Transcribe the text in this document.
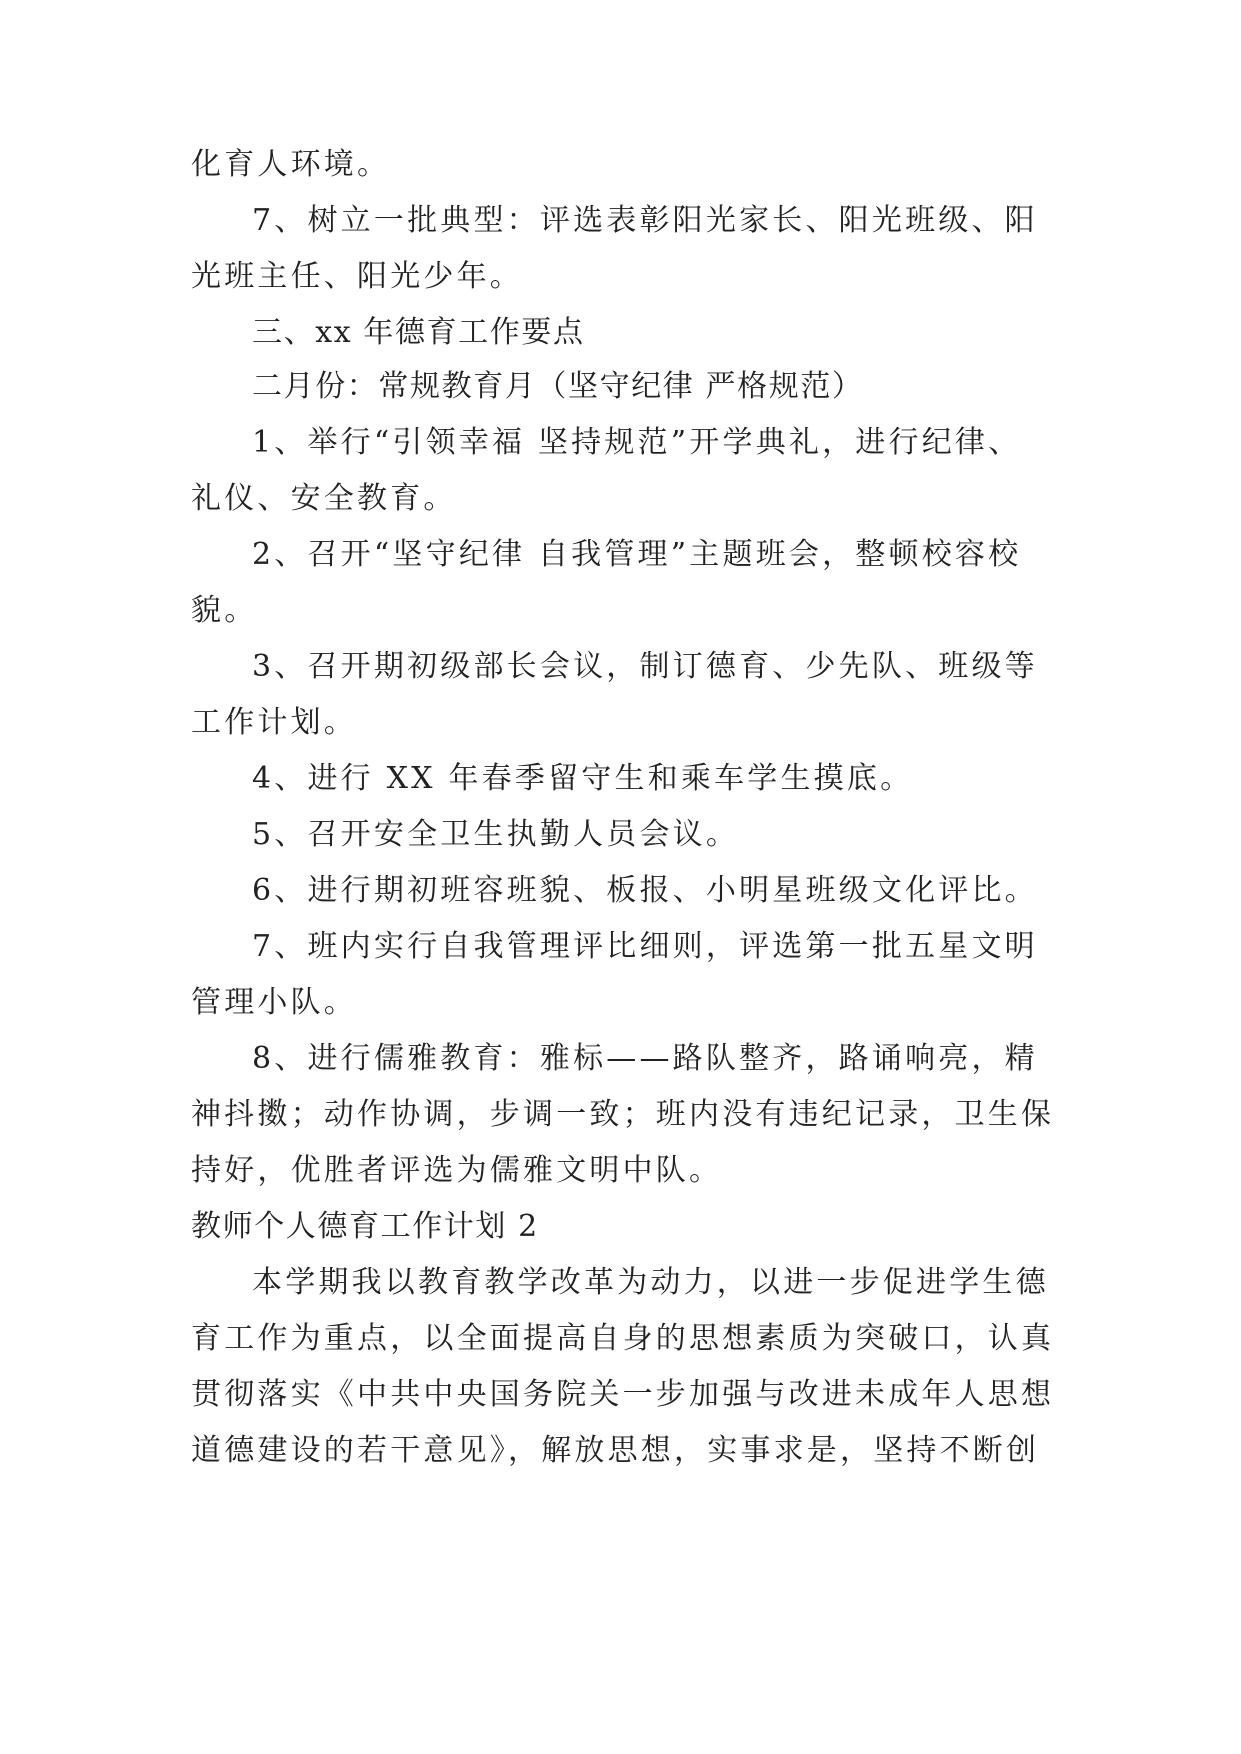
化育人环境。
7、树立一批典型：评选表彰阳光家长、阳光班级、阳
光班主任、阳光少年。
三、xx 年德育工作要点
二月份：常规教育月（坚守纪律 严格规范）
1、举行“引领幸福 坚持规范”开学典礼，进行纪律、
礼仪、安全教育。
2、召开“坚守纪律 自我管理”主题班会，整顿校容校
貌。
3、召开期初级部长会议，制订德育、少先队、班级等
工作计划。
4、进行 XX 年春季留守生和乘车学生摸底。
5、召开安全卫生执勤人员会议。
6、进行期初班容班貌、板报、小明星班级文化评比。
7、班内实行自我管理评比细则，评选第一批五星文明
管理小队。
8、进行儒雅教育：雅标——路队整齐，路诵响亮，精
神抖擞；动作协调，步调一致；班内没有违纪记录，卫生保
持好，优胜者评选为儒雅文明中队。
教师个人德育工作计划 2
本学期我以教育教学改革为动力，以进一步促进学生德
育工作为重点，以全面提高自身的思想素质为突破口，认真
贯彻落实《中共中央国务院关一步加强与改进未成年人思想
道德建设的若干意见》，解放思想，实事求是，坚持不断创
